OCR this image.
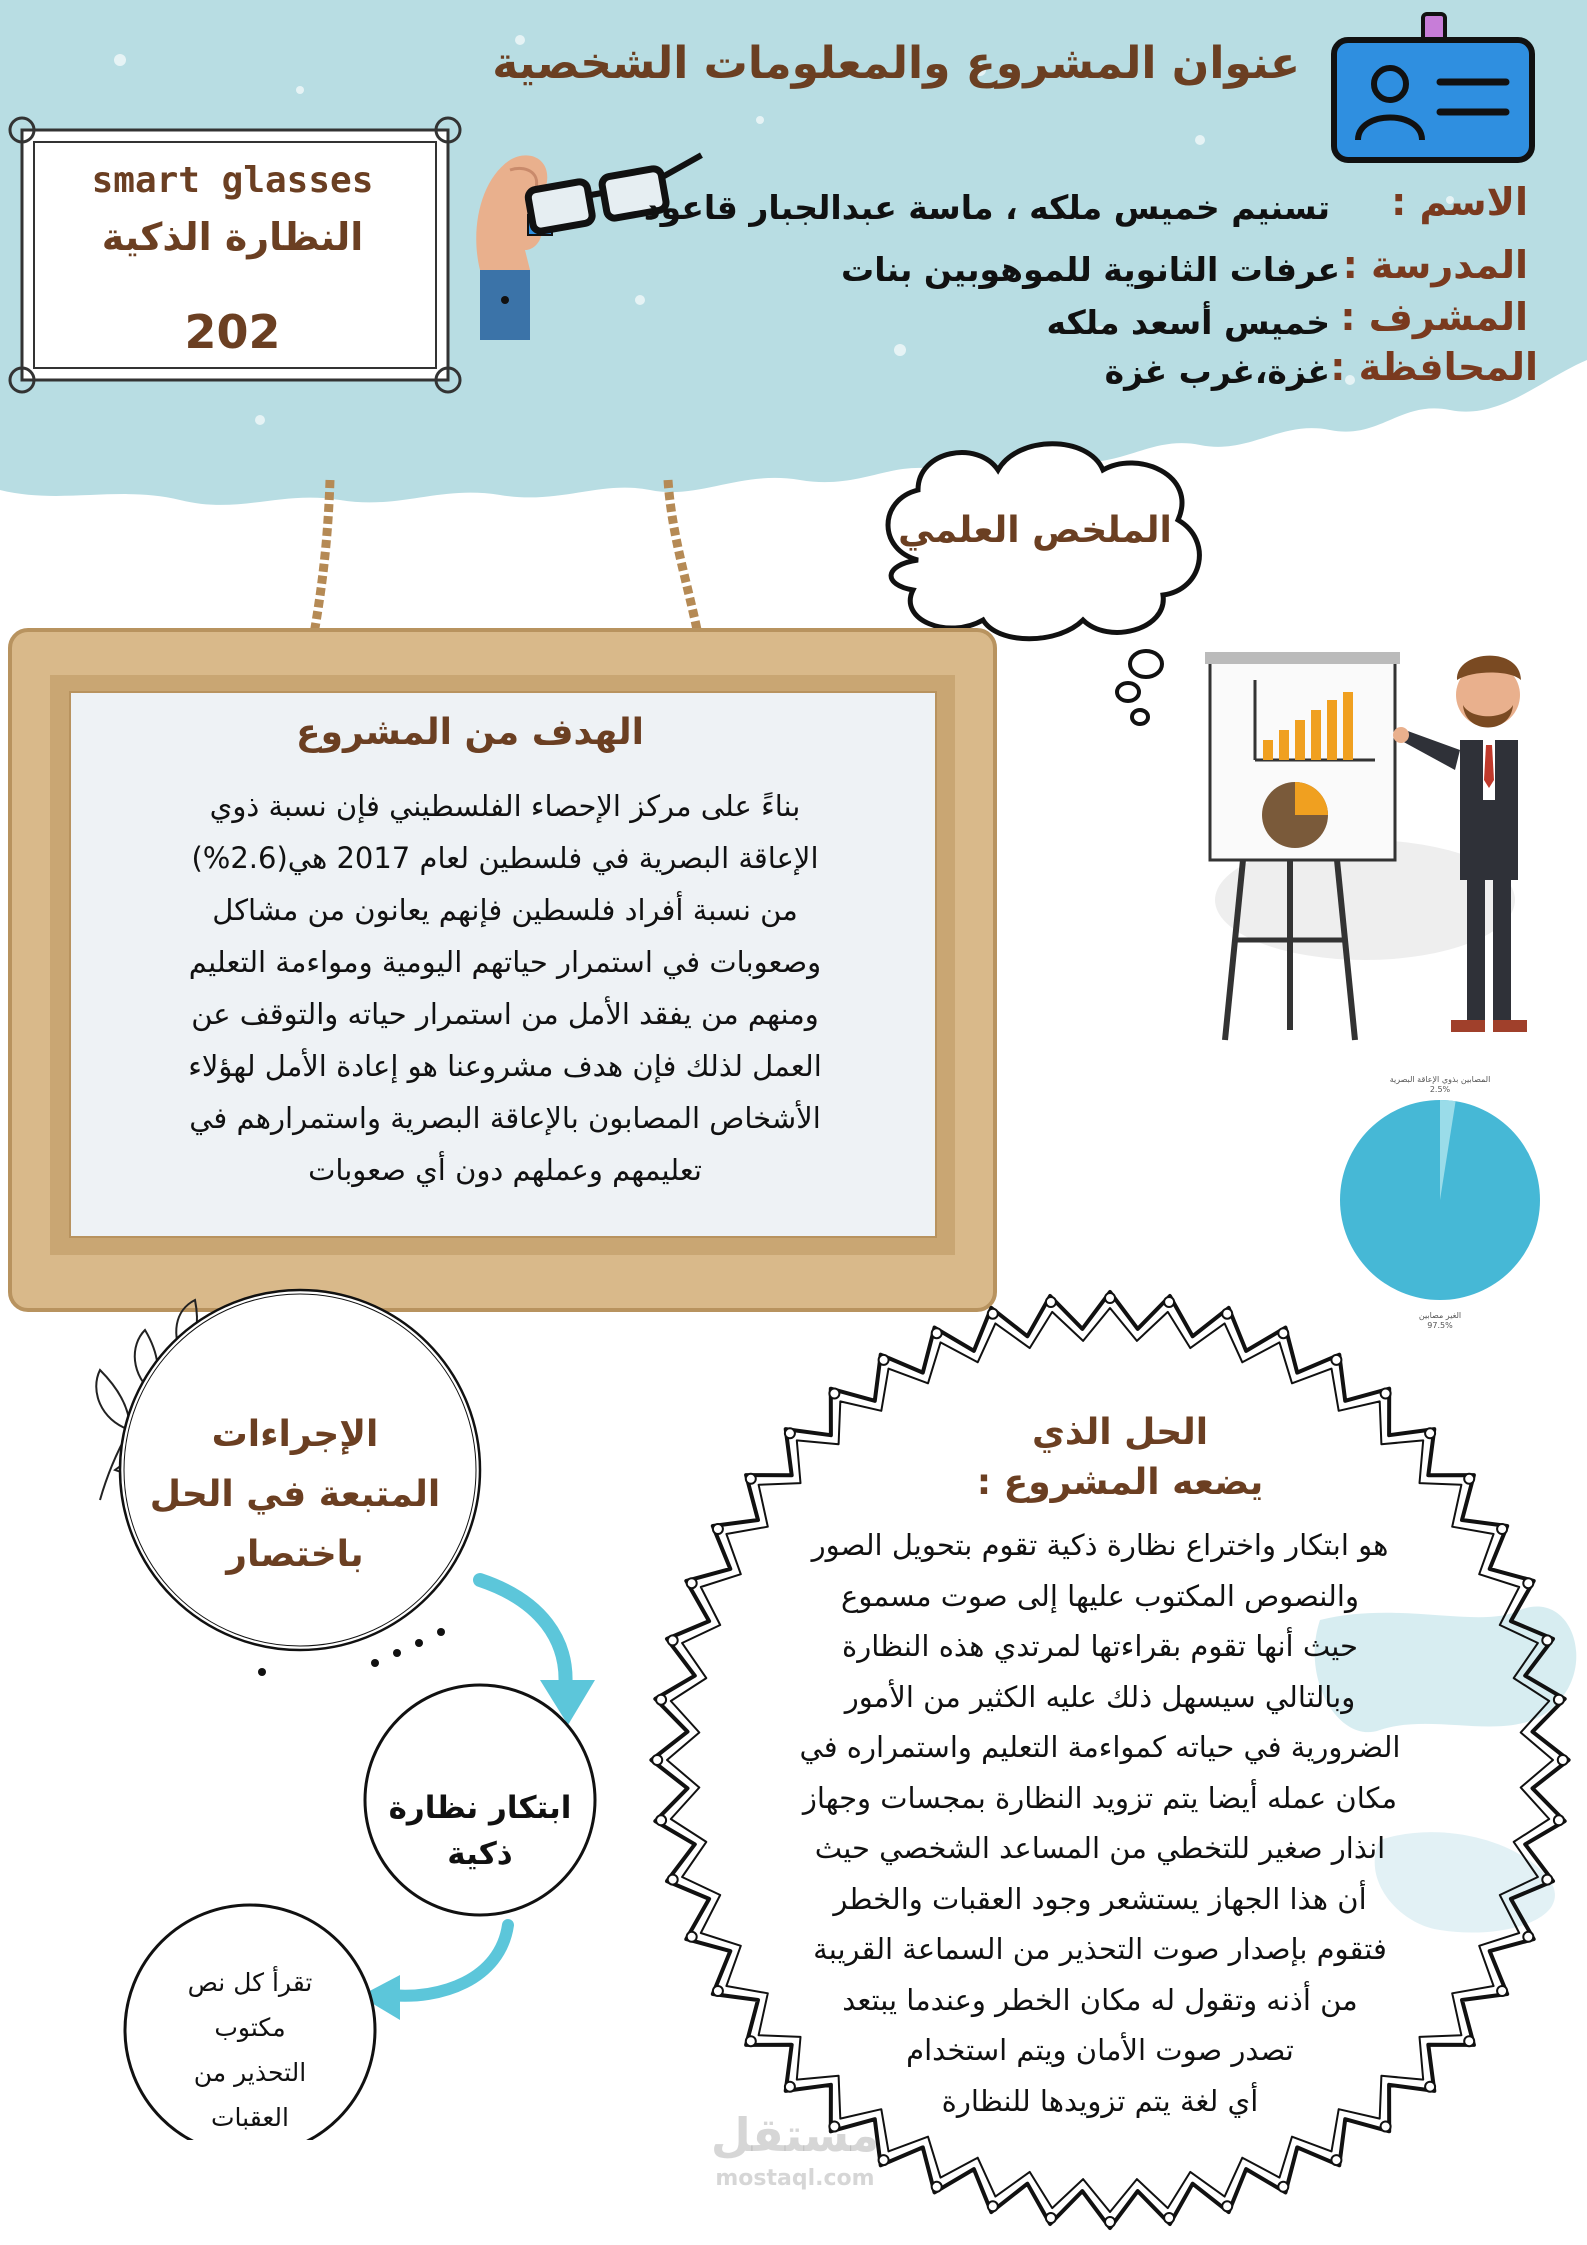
عنوان المشروع والمعلومات الشخصية
smart glasses
النظارة الذكية
202
الاسم :
تسنيم خميس ملكه ، ماسة عبدالجبار قاعود
المدرسة :
عرفات الثانوية للموهوبين بنات
المشرف :
خميس أسعد ملكه
المحافظة :
غزة،غرب غزة
الملخص العلمي
الهدف من المشروع
بناءً على مركز الإحصاء الفلسطيني فإن نسبة ذوي
الإعاقة البصرية في فلسطين لعام 2017 هي(2.6%)
من نسبة أفراد فلسطين فإنهم يعانون من مشاكل
وصعوبات في استمرار حياتهم اليومية ومواءمة التعليم
ومنهم من يفقد الأمل من استمرار حياته والتوقف عن
العمل لذلك فإن هدف مشروعنا هو إعادة الأمل لهؤلاء
الأشخاص المصابون بالإعاقة البصرية واستمرارهم في
تعليمهم وعملهم دون أي صعوبات
المصابين بذوي الإعاقة البصرية
2.5%
الغير مصابين
97.5%
الإجراءات
المتبعة في الحل
باختصار
ابتكار نظارة
ذكية
تقرأ كل نص
مكتوب
التحذير من
العقبات
الحل الذي
يضعه المشروع :
هو ابتكار واختراع نظارة ذكية تقوم بتحويل الصور
والنصوص المكتوب عليها إلى صوت مسموع
حيث أنها تقوم بقراءتها لمرتدي هذه النظارة
وبالتالي سيسهل ذلك عليه الكثير من الأمور
الضرورية في حياته كمواءمة التعليم واستمراره في
مكان عمله أيضا يتم تزويد النظارة بمجسات وجهاز
انذار صغير للتخطي من المساعد الشخصي حيث
أن هذا الجهاز يستشعر وجود العقبات والخطر
فتقوم بإصدار صوت التحذير من السماعة القريبة
من أذنه وتقول له مكان الخطر وعندما يبتعد
تصدر صوت الأمان ويتم استخدام
أي لغة يتم تزويدها للنظارة
مستقل
mostaql.com
